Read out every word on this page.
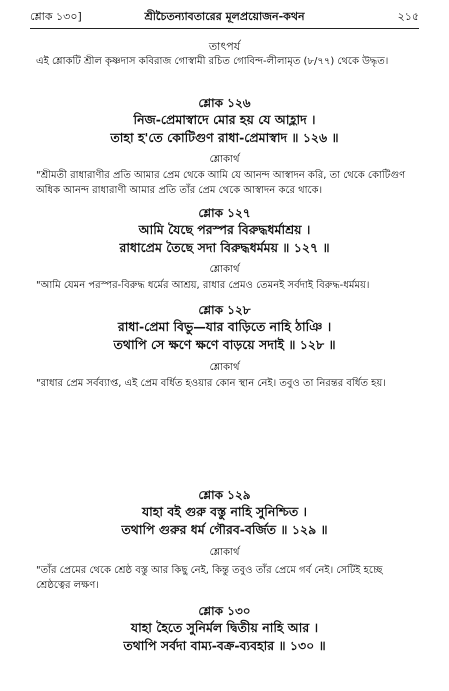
শ্লোক ১৩০]	শ্রীচৈতন্যাবতারের মূলপ্রয়োজন-কথন	২১৫
তাৎপর্য
এই শ্লোকটি শ্রীল কৃষ্ণদাস কবিরাজ গোস্বামী রচিত গোবিন্দ-লীলামৃত (৮/৭৭) থেকে উদ্ধৃত।
শ্লোক ১২৬
নিজ-প্রেমাস্বাদে মোর হয় যে আহ্লাদ ।
তাহা হ'তে কোটিগুণ রাধা-প্রেমাস্বাদ ॥ ১২৬ ॥
শ্লোকার্থ
"শ্রীমতী রাধারাণীর প্রতি আমার প্রেম থেকে আমি যে আনন্দ আস্বাদন করি, তা থেকে কোটিগুণ অধিক আনন্দ রাধারাণী আমার প্রতি তাঁর প্রেম থেকে আস্বাদন করে থাকে।
শ্লোক ১২৭
আমি যৈছে পরস্পর বিরুদ্ধধর্মাশ্রয় ।
রাধাপ্রেম তৈছে সদা বিরুদ্ধধর্মময় ॥ ১২৭ ॥
শ্লোকার্থ
"আমি যেমন পরস্পর-বিরুদ্ধ ধর্মের আশ্রয়, রাধার প্রেমও তেমনই সর্বদাই বিরুদ্ধ-ধর্মময়।
শ্লোক ১২৮
রাধা-প্রেমা বিভু—যার বাড়িতে নাহি ঠাঞি ।
তথাপি সে ক্ষণে ক্ষণে বাড়য়ে সদাই ॥ ১২৮ ॥
শ্লোকার্থ
"রাধার প্রেম সর্বব্যাপ্ত, এই প্রেম বর্ধিত হওয়ার কোন স্থান নেই। তবুও তা নিরন্তর বর্ধিত হয়।
শ্লোক ১২৯
যাহা বই গুরু বস্তু নাহি সুনিশ্চিত ।
তথাপি গুরুর ধর্ম গৌরব-বর্জিত ॥ ১২৯ ॥
শ্লোকার্থ
"তাঁর প্রেমের থেকে শ্রেষ্ঠ বস্তু আর কিছু নেই, কিন্তু তবুও তাঁর প্রেমে গর্ব নেই। সেটিই হচ্ছে শ্রেষ্ঠত্বের লক্ষণ।
শ্লোক ১৩০
যাহা হৈতে সুনির্মল দ্বিতীয় নাহি আর ।
তথাপি সর্বদা বাম্য-বক্র-ব্যবহার ॥ ১৩০ ॥
